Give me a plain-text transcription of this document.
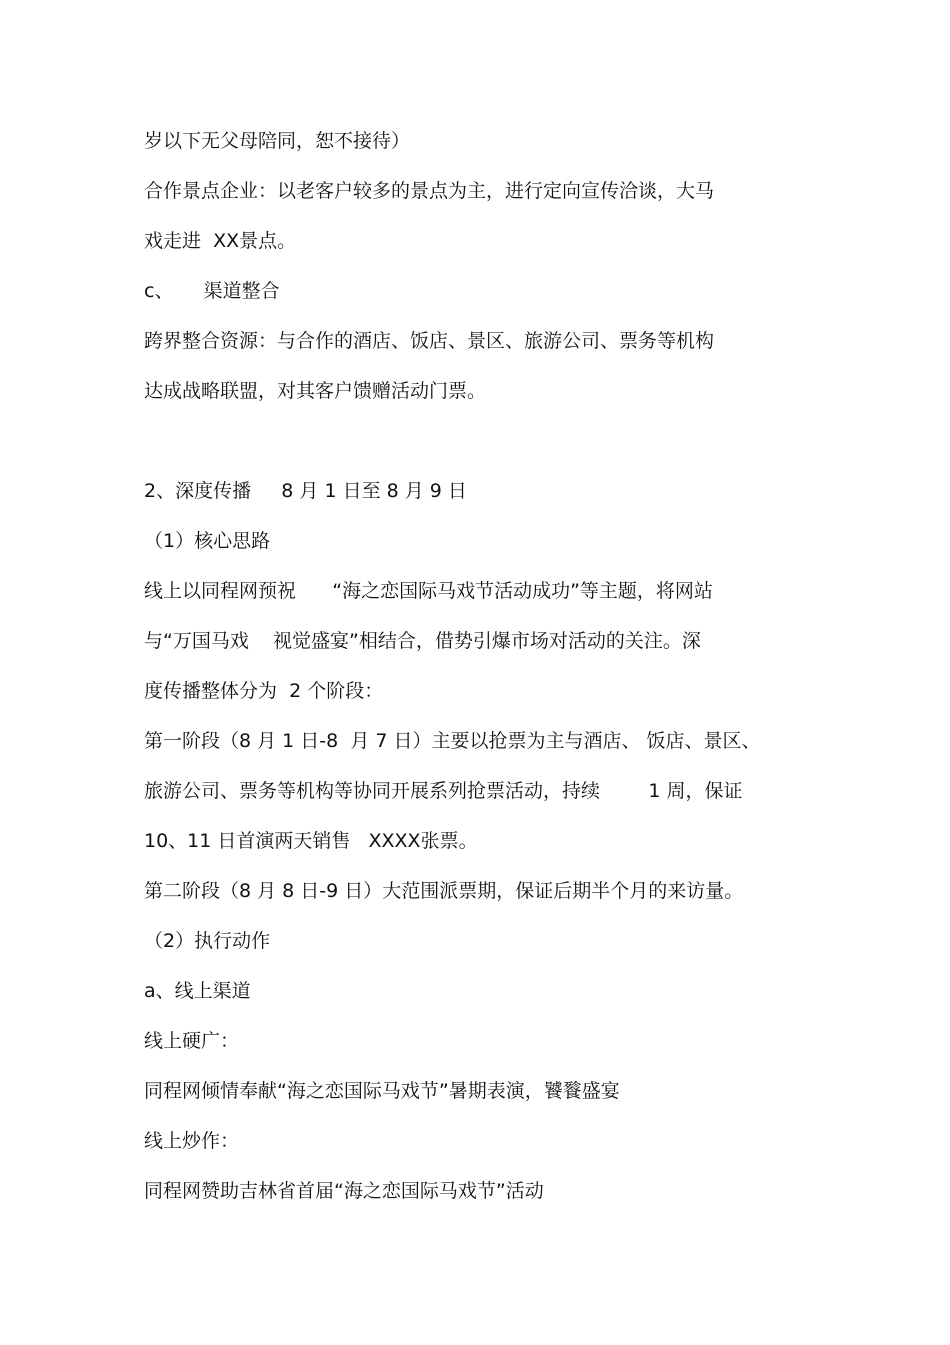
岁以下无父母陪同，恕不接待）

合作景点企业：以老客户较多的景点为主，进行定向宣传洽谈，大马

戏走进  XX景点。

c、     渠道整合

跨界整合资源：与合作的酒店、饭店、景区、旅游公司、票务等机构

达成战略联盟，对其客户馈赠活动门票。

2、深度传播     8 月 1 日至 8 月 9 日

（1）核心思路

线上以同程网预祝      “海之恋国际马戏节活动成功”等主题，将网站

与“万国马戏    视觉盛宴”相结合，借势引爆市场对活动的关注。深

度传播整体分为  2 个阶段：

第一阶段（8 月 1 日-8  月 7 日）主要以抢票为主与酒店、 饭店、景区、

旅游公司、票务等机构等协同开展系列抢票活动，持续        1 周，保证

10、11 日首演两天销售   XXXX张票。

第二阶段（8 月 8 日-9 日）大范围派票期，保证后期半个月的来访量。

（2）执行动作

a、线上渠道

线上硬广：

同程网倾情奉献“海之恋国际马戏节”暑期表演，饕餮盛宴

线上炒作：

同程网赞助吉林省首届“海之恋国际马戏节”活动
